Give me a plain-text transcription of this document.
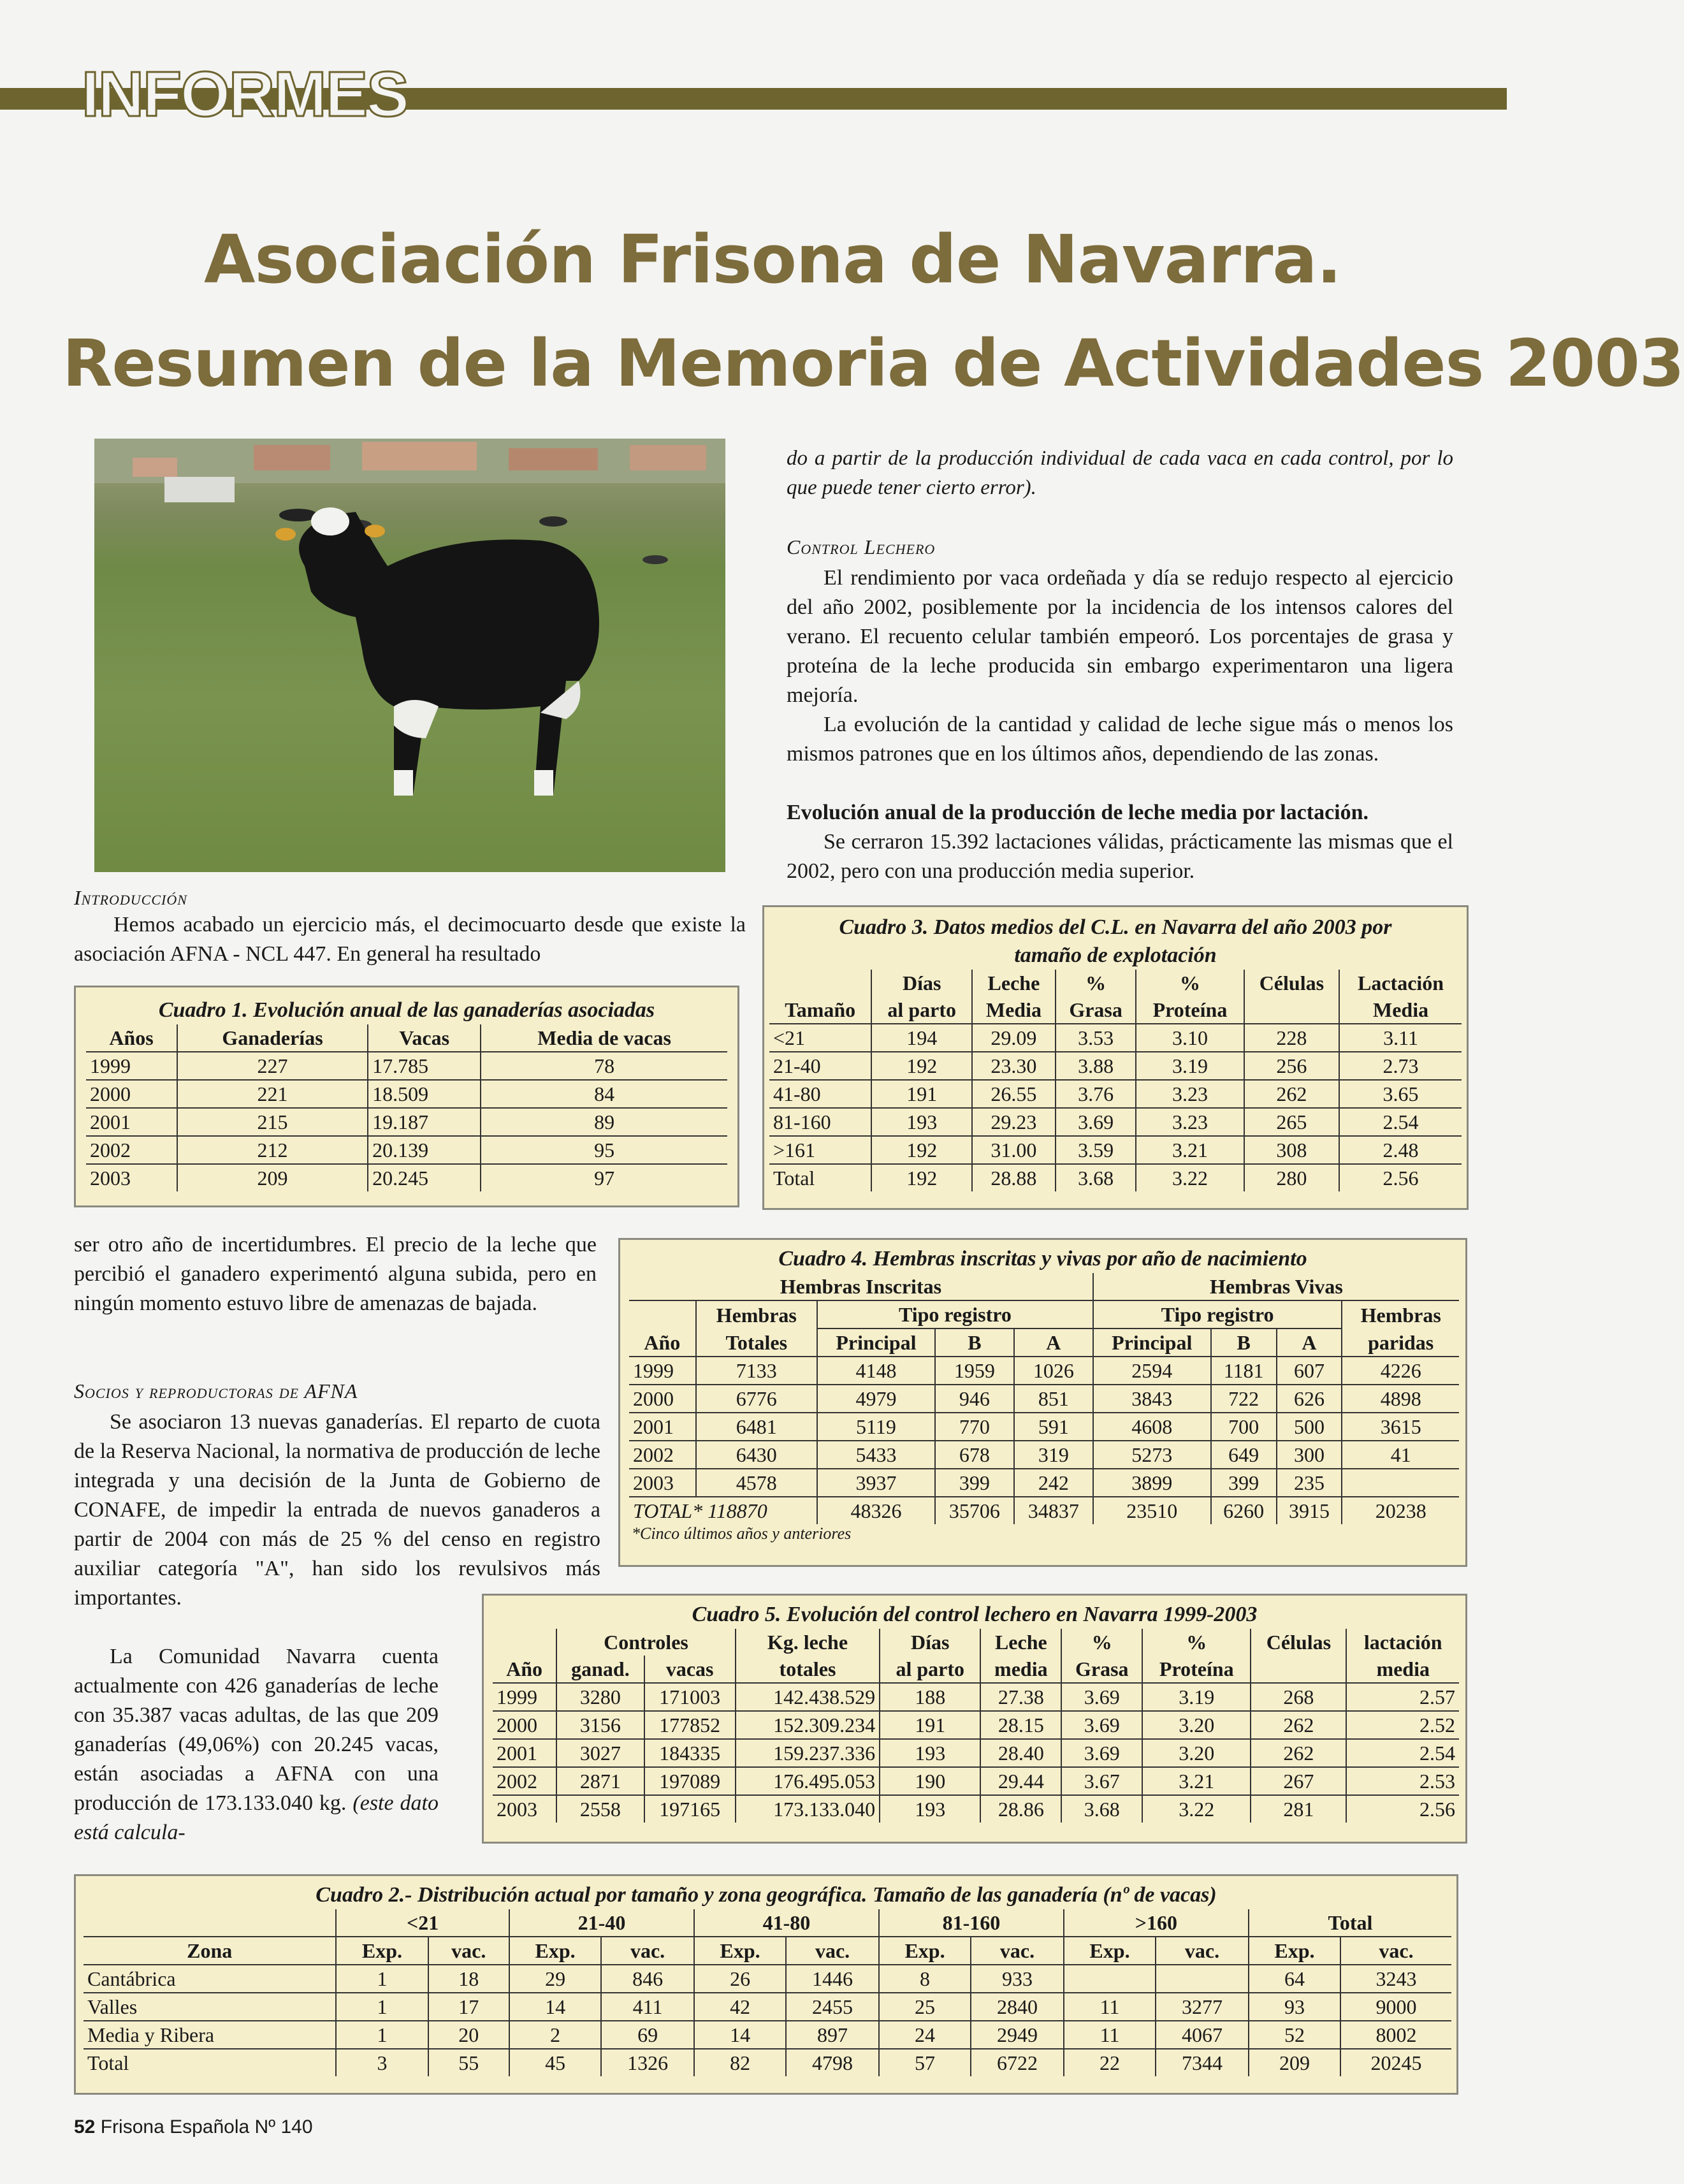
INFORMES
Asociación Frisona de Navarra.
Resumen de la Memoria de Actividades 2003
do a partir de la producción individual de cada vaca en cada control, por lo que puede tener cierto error).
Control Lechero
El rendimiento por vaca ordeñada y día se redujo respecto al ejercicio del año 2002, posiblemente por la incidencia de los intensos calores del verano. El recuento celular también empeoró. Los porcentajes de grasa y proteína de la leche producida sin embargo experimentaron una ligera mejoría.
La evolución de la cantidad y calidad de leche sigue más o menos los mismos patrones que en los últimos años, dependiendo de las zonas.
Evolución anual de la producción de leche media por lactación.
Se cerraron 15.392 lactaciones válidas, prácticamente las mismas que el 2002, pero con una producción media superior.
Introducción
Hemos acabado un ejercicio más, el decimocuarto desde que existe la asociación AFNA - NCL 447. En general ha resultado
ser otro año de incertidumbres. El precio de la leche que percibió el ganadero experimentó alguna subida, pero en ningún momento estuvo libre de amenazas de bajada.
Socios y reproductoras de AFNA
Se asociaron 13 nuevas ganaderías. El reparto de cuota de la Reserva Nacional, la normativa de producción de leche integrada y una decisión de la Junta de Gobierno de CONAFE, de impedir la entrada de nuevos ganaderos a partir de 2004 con más de 25 % del censo en registro auxiliar categoría "A", han sido los revulsivos más importantes.
La Comunidad Navarra cuenta actualmente con 426 ganaderías de leche con 35.387 vacas adultas, de las que 209 ganaderías (49,06%) con 20.245 vacas, están asociadas a AFNA con una producción de 173.133.040 kg. (este dato está calcula-
Cuadro 1. Evolución anual de las ganaderías asociadas
Años	Ganaderías	Vacas	Media de vacas
1999	227	17.785	78
2000	221	18.509	84
2001	215	19.187	89
2002	212	20.139	95
2003	209	20.245	97
Cuadro 3. Datos medios del C.L. en Navarra del año 2003 por
tamaño de explotación
	Días	Leche	%	%	Células	Lactación
Tamaño	al parto	Media	Grasa	Proteína		Media
<21	194	29.09	3.53	3.10	228	3.11
21-40	192	23.30	3.88	3.19	256	2.73
41-80	191	26.55	3.76	3.23	262	3.65
81-160	193	29.23	3.69	3.23	265	2.54
>161	192	31.00	3.59	3.21	308	2.48
Total	192	28.88	3.68	3.22	280	2.56
Cuadro 4. Hembras inscritas y vivas por año de nacimiento
Hembras Inscritas					Hembras Vivas			
	Hembras	Tipo registro			Tipo registro			Hembras
Año	Totales	Principal	B	A	Principal	B	A	paridas
1999	7133	4148	1959	1026	2594	1181	607	4226
2000	6776	4979	946	851	3843	722	626	4898
2001	6481	5119	770	591	4608	700	500	3615
2002	6430	5433	678	319	5273	649	300	41
2003	4578	3937	399	242	3899	399	235	
TOTAL* 118870		48326	35706	34837	23510	6260	3915	20238
*Cinco últimos años y anteriores
Cuadro 5. Evolución del control lechero en Navarra 1999-2003
	Controles		Kg. leche	Días	Leche	%	%	Células	lactación
Año	ganad.	vacas	totales	al parto	media	Grasa	Proteína		media
1999	3280	171003	142.438.529	188	27.38	3.69	3.19	268	2.57
2000	3156	177852	152.309.234	191	28.15	3.69	3.20	262	2.52
2001	3027	184335	159.237.336	193	28.40	3.69	3.20	262	2.54
2002	2871	197089	176.495.053	190	29.44	3.67	3.21	267	2.53
2003	2558	197165	173.133.040	193	28.86	3.68	3.22	281	2.56
Cuadro 2.- Distribución actual por tamaño y zona geográfica. Tamaño de las ganadería (nº de vacas)
	<21		21-40		41-80		81-160		>160		Total	
Zona	Exp.	vac.	Exp.	vac.	Exp.	vac.	Exp.	vac.	Exp.	vac.	Exp.	vac.
Cantábrica	1	18	29	846	26	1446	8	933			64	3243
Valles	1	17	14	411	42	2455	25	2840	11	3277	93	9000
Media y Ribera	1	20	2	69	14	897	24	2949	11	4067	52	8002
Total	3	55	45	1326	82	4798	57	6722	22	7344	209	20245
52 Frisona Española Nº 140
